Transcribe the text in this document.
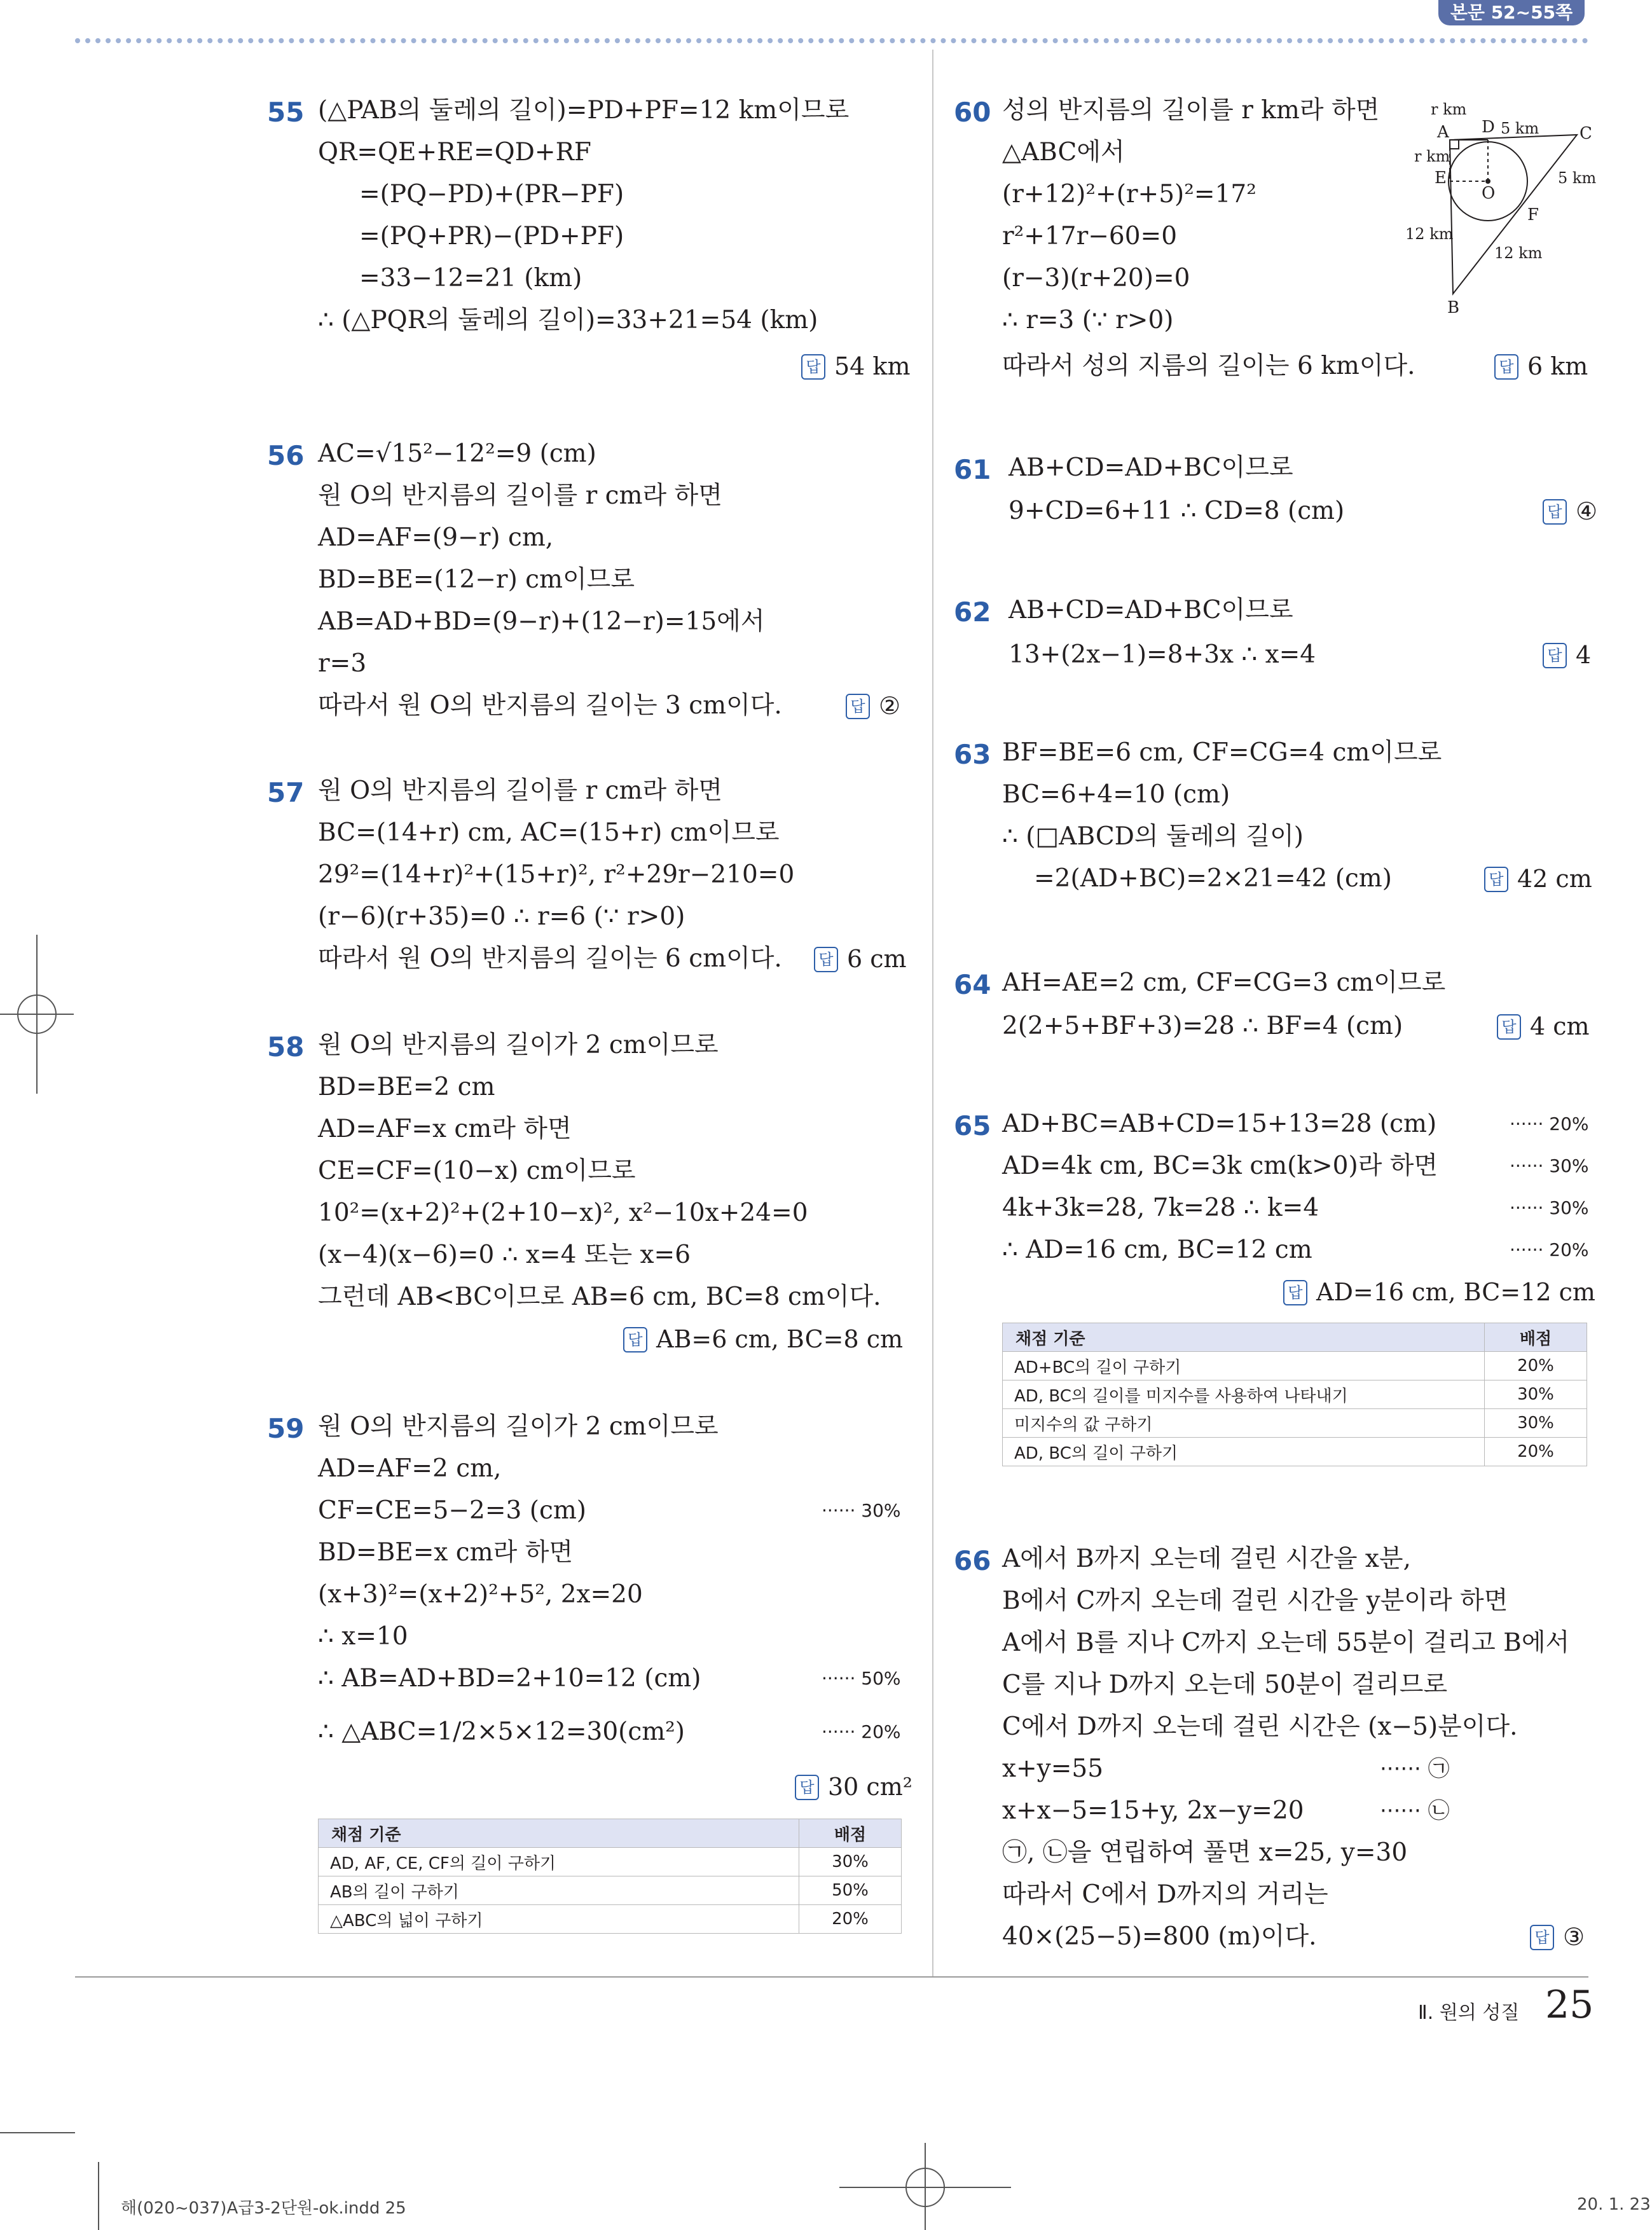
본문 52~55쪽
55 (△PAB의 둘레의 길이)=PD+PF=12 km이므로
QR=QE+RE=QD+RF
=(PQ−PD)+(PR−PF)
=(PQ+PR)−(PD+PF)
=33−12=21 (km)
∴ (△PQR의 둘레의 길이)=33+21=54 (km)
답 54 km
56 AC=√15²−12²=9 (cm)
원 O의 반지름의 길이를 r cm라 하면
AD=AF=(9−r) cm,
BD=BE=(12−r) cm이므로
AB=AD+BD=(9−r)+(12−r)=15에서
r=3
따라서 원 O의 반지름의 길이는 3 cm이다.	답 ②
57 원 O의 반지름의 길이를 r cm라 하면
BC=(14+r) cm, AC=(15+r) cm이므로
29²=(14+r)²+(15+r)², r²+29r−210=0
(r−6)(r+35)=0 ∴ r=6 (∵ r>0)
따라서 원 O의 반지름의 길이는 6 cm이다.	답 6 cm
58 원 O의 반지름의 길이가 2 cm이므로
BD=BE=2 cm
AD=AF=x cm라 하면
CE=CF=(10−x) cm이므로
10²=(x+2)²+(2+10−x)², x²−10x+24=0
(x−4)(x−6)=0 ∴ x=4 또는 x=6
그런데 AB<BC이므로 AB=6 cm, BC=8 cm이다.
답 AB=6 cm, BC=8 cm
59 원 O의 반지름의 길이가 2 cm이므로
AD=AF=2 cm,
CF=CE=5−2=3 (cm)	······ 30%
BD=BE=x cm라 하면
(x+3)²=(x+2)²+5², 2x=20
∴ x=10
∴ AB=AD+BD=2+10=12 (cm)	······ 50%
∴ △ABC=1/2×5×12=30(cm²)	······ 20%
답 30 cm²
채점 기준	배점
AD, AF, CE, CF의 길이 구하기	30%
AB의 길이 구하기	50%
△ABC의 넓이 구하기	20%
60 성의 반지름의 길이를 r km라 하면
△ABC에서
(r+12)²+(r+5)²=17²
r²+17r−60=0
(r−3)(r+20)=0
∴ r=3 (∵ r>0)
따라서 성의 지름의 길이는 6 km이다.	답 6 km
A
B
C
D
E
F
O
r km
r km
5 km
5 km
12 km
12 km
61 AB+CD=AD+BC이므로
9+CD=6+11 ∴ CD=8 (cm)	답 ④
62 AB+CD=AD+BC이므로
13+(2x−1)=8+3x ∴ x=4	답 4
63 BF=BE=6 cm, CF=CG=4 cm이므로
BC=6+4=10 (cm)
∴ (□ABCD의 둘레의 길이)
=2(AD+BC)=2×21=42 (cm)	답 42 cm
64 AH=AE=2 cm, CF=CG=3 cm이므로
2(2+5+BF+3)=28 ∴ BF=4 (cm)	답 4 cm
65 AD+BC=AB+CD=15+13=28 (cm)	······ 20%
AD=4k cm, BC=3k cm(k>0)라 하면	······ 30%
4k+3k=28, 7k=28 ∴ k=4	······ 30%
∴ AD=16 cm, BC=12 cm	······ 20%
답 AD=16 cm, BC=12 cm
채점 기준	배점
AD+BC의 길이 구하기	20%
AD, BC의 길이를 미지수를 사용하여 나타내기	30%
미지수의 값 구하기	30%
AD, BC의 길이 구하기	20%
66 A에서 B까지 오는데 걸린 시간을 x분,
B에서 C까지 오는데 걸린 시간을 y분이라 하면
A에서 B를 지나 C까지 오는데 55분이 걸리고 B에서
C를 지나 D까지 오는데 50분이 걸리므로
C에서 D까지 오는데 걸린 시간은 (x−5)분이다.
x+y=55	······ ㉠
x+x−5=15+y, 2x−y=20	······ ㉡
㉠, ㉡을 연립하여 풀면 x=25, y=30
따라서 C에서 D까지의 거리는
40×(25−5)=800 (m)이다.	답 ③
Ⅱ. 원의 성질 25
해(020~037)A급3-2단원-ok.indd 25	20. 1. 23
